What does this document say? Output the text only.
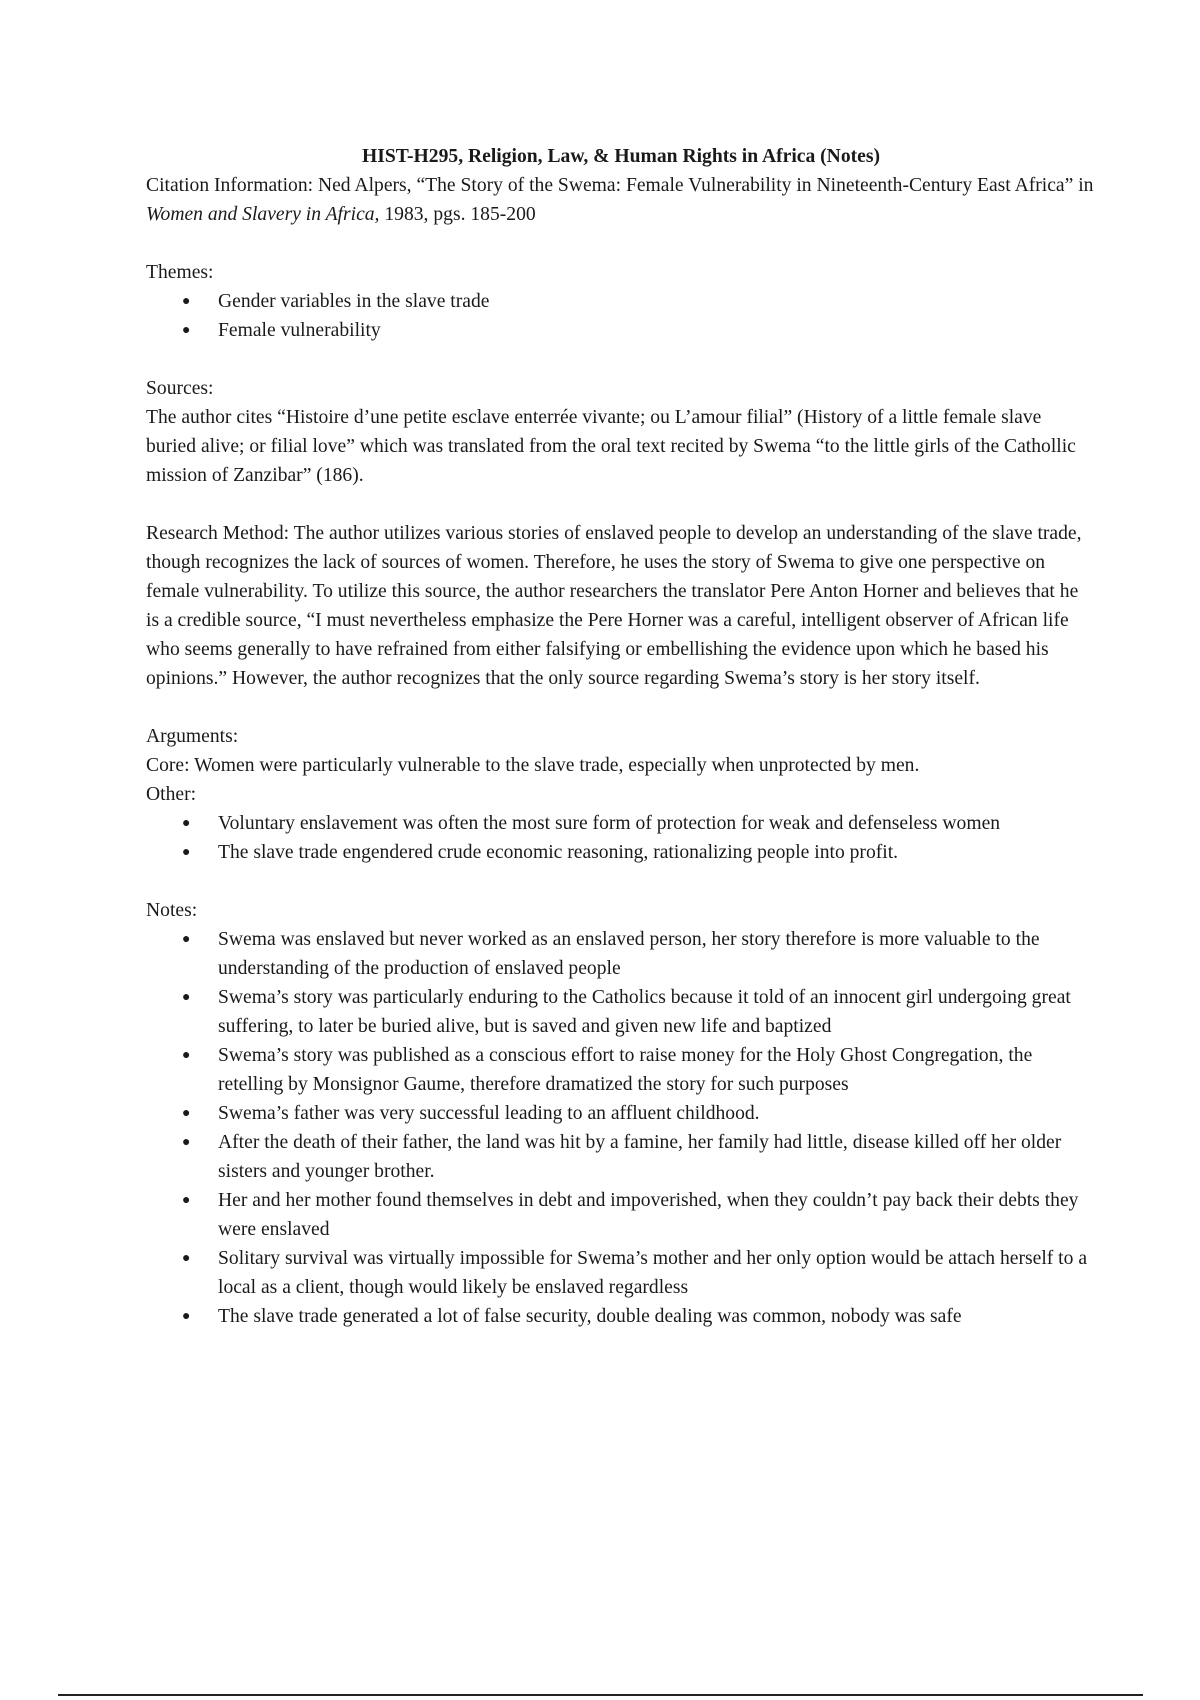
HIST-H295, Religion, Law, & Human Rights in Africa (Notes)

Citation Information: Ned Alpers, “The Story of the Swema: Female Vulnerability in Nineteenth-Century East Africa” in Women and Slavery in Africa, 1983, pgs. 185-200

Themes:

● Gender variables in the slave trade
● Female vulnerability

Sources:

The author cites “Histoire d’une petite esclave enterrée vivante; ou L’amour filial” (History of a little female slave buried alive; or filial love” which was translated from the oral text recited by Swema “to the little girls of the Cathollic mission of Zanzibar” (186).

Research Method: The author utilizes various stories of enslaved people to develop an understanding of the slave trade, though recognizes the lack of sources of women. Therefore, he uses the story of Swema to give one perspective on female vulnerability. To utilize this source, the author researchers the translator Pere Anton Horner and believes that he is a credible source, “I must nevertheless emphasize the Pere Horner was a careful, intelligent observer of African life who seems generally to have refrained from either falsifying or embellishing the evidence upon which he based his opinions.” However, the author recognizes that the only source regarding Swema’s story is her story itself.

Arguments:

Core: Women were particularly vulnerable to the slave trade, especially when unprotected by men.

Other:

● Voluntary enslavement was often the most sure form of protection for weak and defenseless women
● The slave trade engendered crude economic reasoning, rationalizing people into profit.

Notes:

● Swema was enslaved but never worked as an enslaved person, her story therefore is more valuable to the understanding of the production of enslaved people
● Swema’s story was particularly enduring to the Catholics because it told of an innocent girl undergoing great suffering, to later be buried alive, but is saved and given new life and baptized
● Swema’s story was published as a conscious effort to raise money for the Holy Ghost Congregation, the retelling by Monsignor Gaume, therefore dramatized the story for such purposes
● Swema’s father was very successful leading to an affluent childhood.
● After the death of their father, the land was hit by a famine, her family had little, disease killed off her older sisters and younger brother.
● Her and her mother found themselves in debt and impoverished, when they couldn’t pay back their debts they were enslaved
● Solitary survival was virtually impossible for Swema’s mother and her only option would be attach herself to a local as a client, though would likely be enslaved regardless
● The slave trade generated a lot of false security, double dealing was common, nobody was safe
